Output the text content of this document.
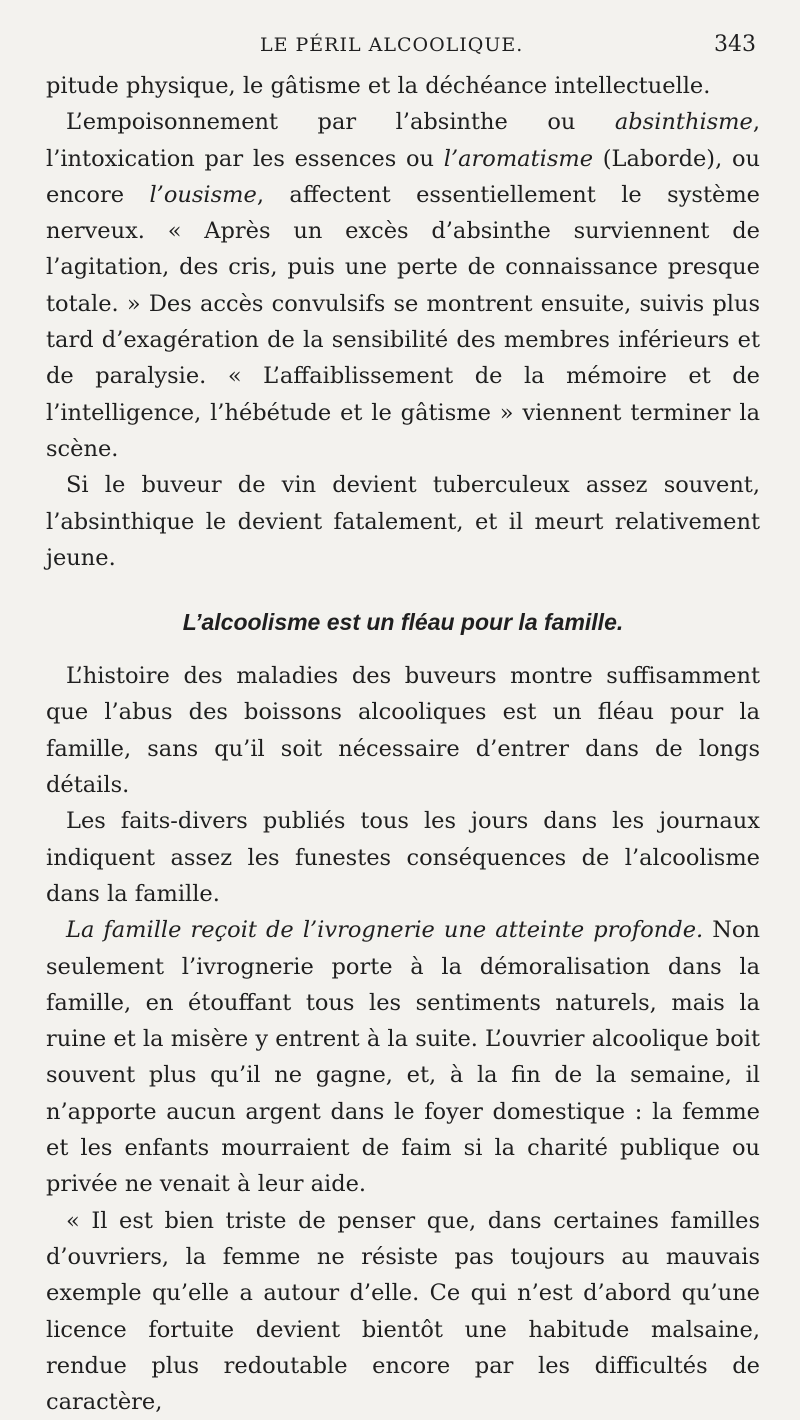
LE PÉRIL ALCOOLIQUE.	343

pitude physique, le gâtisme et la déchéance intellectuelle.

L’empoisonnement par l’absinthe ou absinthisme, l’intoxication par les essences ou l’aromatisme (Laborde), ou encore l’ousisme, affectent essentiellement le système nerveux. « Après un excès d’absinthe surviennent de l’agitation, des cris, puis une perte de connaissance presque totale. » Des accès convulsifs se montrent ensuite, suivis plus tard d’exagération de la sensibilité des membres inférieurs et de paralysie. « L’affaiblissement de la mémoire et de l’intelligence, l’hébétude et le gâtisme » viennent terminer la scène.

Si le buveur de vin devient tuberculeux assez souvent, l’absinthique le devient fatalement, et il meurt relativement jeune.

L’alcoolisme est un fléau pour la famille.

L’histoire des maladies des buveurs montre suffisamment que l’abus des boissons alcooliques est un fléau pour la famille, sans qu’il soit nécessaire d’entrer dans de longs détails.

Les faits-divers publiés tous les jours dans les journaux indiquent assez les funestes conséquences de l’alcoolisme dans la famille.

La famille reçoit de l’ivrognerie une atteinte profonde. Non seulement l’ivrognerie porte à la démoralisation dans la famille, en étouffant tous les sentiments naturels, mais la ruine et la misère y entrent à la suite. L’ouvrier alcoolique boit souvent plus qu’il ne gagne, et, à la fin de la semaine, il n’apporte aucun argent dans le foyer domestique : la femme et les enfants mourraient de faim si la charité publique ou privée ne venait à leur aide.

« Il est bien triste de penser que, dans certaines familles d’ouvriers, la femme ne résiste pas toujours au mauvais exemple qu’elle a autour d’elle. Ce qui n’est d’abord qu’une licence fortuite devient bientôt une habitude malsaine, rendue plus redoutable encore par les difficultés de caractère,
